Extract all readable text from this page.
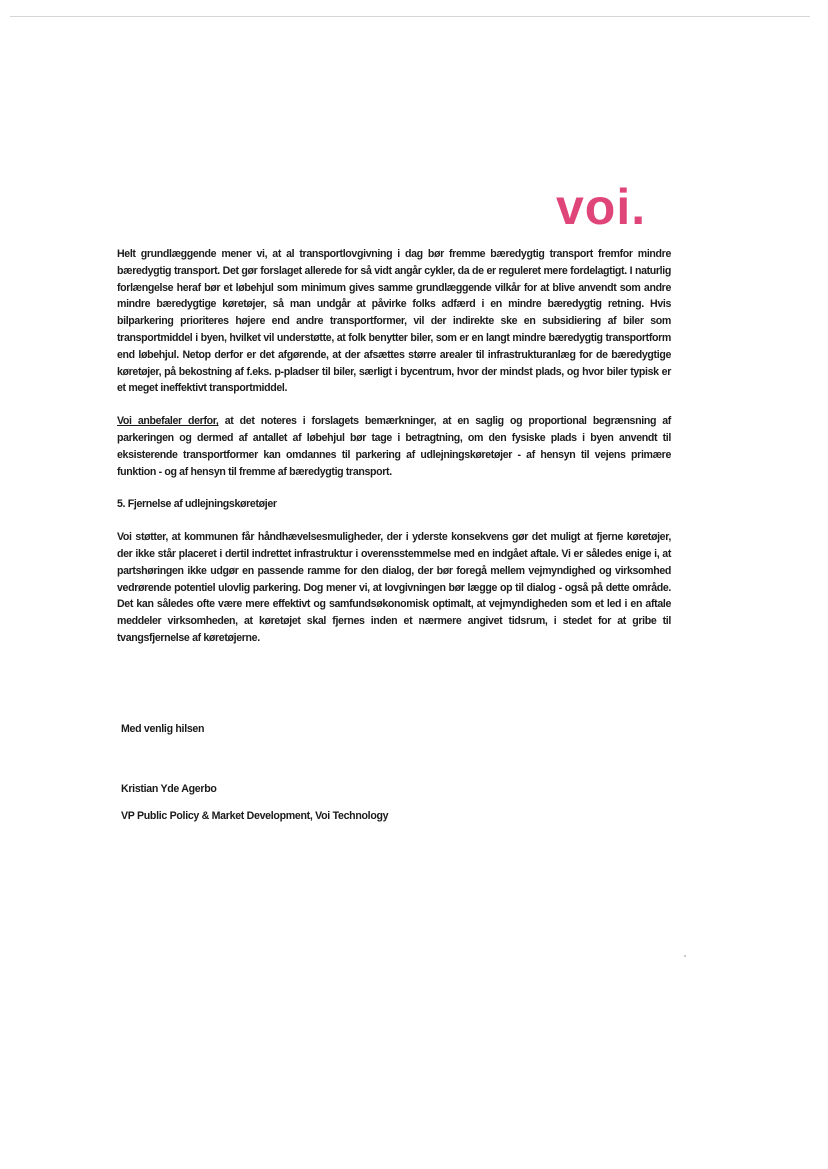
voi.

Helt grundlæggende mener vi, at al transportlovgivning i dag bør fremme bæredygtig transport fremfor mindre bæredygtig transport. Det gør forslaget allerede for så vidt angår cykler, da de er reguleret mere fordelagtigt. I naturlig forlængelse heraf bør et løbehjul som minimum gives samme grundlæggende vilkår for at blive anvendt som andre mindre bæredygtige køretøjer, så man undgår at påvirke folks adfærd i en mindre bæredygtig retning. Hvis bilparkering prioriteres højere end andre transportformer, vil der indirekte ske en subsidiering af biler som transportmiddel i byen, hvilket vil understøtte, at folk benytter biler, som er en langt mindre bæredygtig transportform end løbehjul. Netop derfor er det afgørende, at der afsættes større arealer til infrastrukturanlæg for de bæredygtige køretøjer, på bekostning af f.eks. p-pladser til biler, særligt i bycentrum, hvor der mindst plads, og hvor biler typisk er et meget ineffektivt transportmiddel.

Voi anbefaler derfor, at det noteres i forslagets bemærkninger, at en saglig og proportional begrænsning af parkeringen og dermed af antallet af løbehjul bør tage i betragtning, om den fysiske plads i byen anvendt til eksisterende transportformer kan omdannes til parkering af udlejningskøretøjer - af hensyn til vejens primære funktion - og af hensyn til fremme af bæredygtig transport.

5. Fjernelse af udlejningskøretøjer

Voi støtter, at kommunen får håndhævelsesmuligheder, der i yderste konsekvens gør det muligt at fjerne køretøjer, der ikke står placeret i dertil indrettet infrastruktur i overensstemmelse med en indgået aftale. Vi er således enige i, at partshøringen ikke udgør en passende ramme for den dialog, der bør foregå mellem vejmyndighed og virksomhed vedrørende potentiel ulovlig parkering. Dog mener vi, at lovgivningen bør lægge op til dialog - også på dette område. Det kan således ofte være mere effektivt og samfundsøkonomisk optimalt, at vejmyndigheden som et led i en aftale meddeler virksomheden, at køretøjet skal fjernes inden et nærmere angivet tidsrum, i stedet for at gribe til tvangsfjernelse af køretøjerne.

Med venlig hilsen

Kristian Yde Agerbo

VP Public Policy & Market Development, Voi Technology
